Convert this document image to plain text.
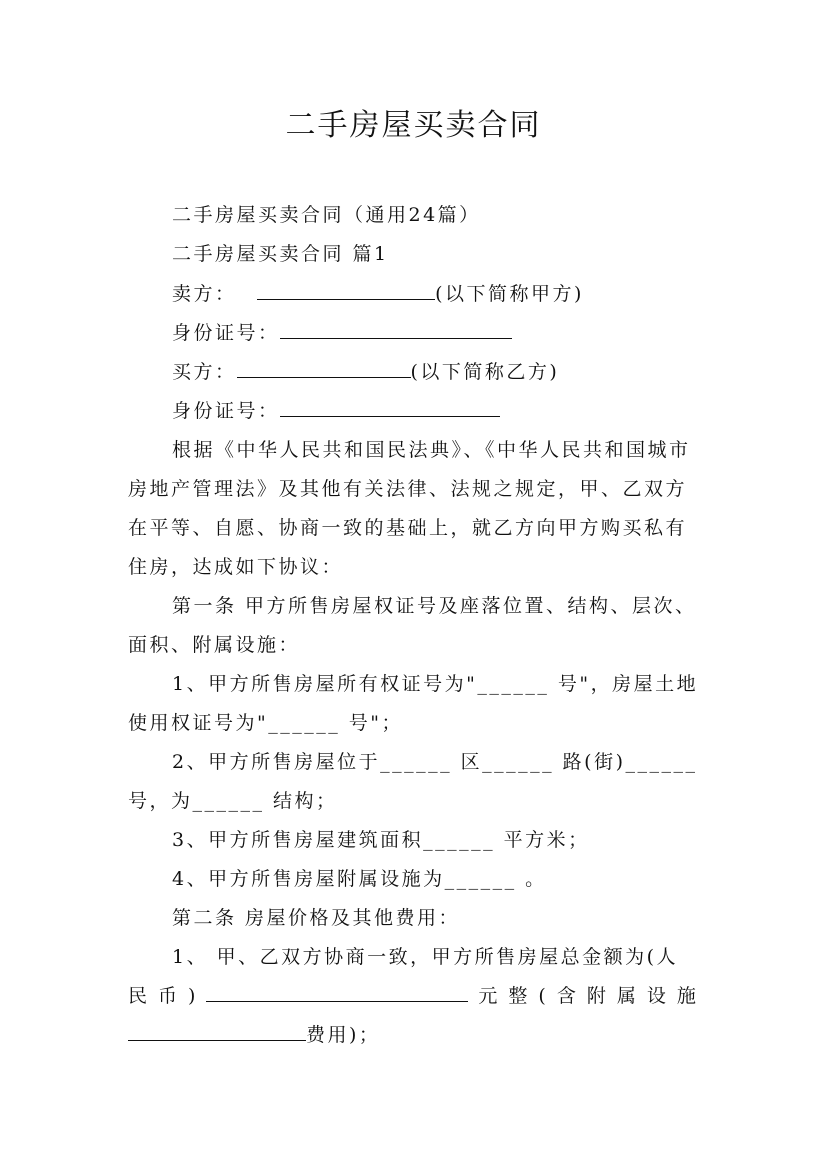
二手房屋买卖合同
二手房屋买卖合同（通用24篇）
二手房屋买卖合同 篇1
卖方：	(以下简称甲方)
身份证号：
买方：	(以下简称乙方)
身份证号：
根据《中华人民共和国民法典》、《中华人民共和国城市
房地产管理法》及其他有关法律、法规之规定，甲、乙双方
在平等、自愿、协商一致的基础上，就乙方向甲方购买私有
住房，达成如下协议：
第一条 甲方所售房屋权证号及座落位置、结构、层次、
面积、附属设施：
1、甲方所售房屋所有权证号为"______ 号"，房屋土地
使用权证号为"______ 号"；
2、甲方所售房屋位于______ 区______ 路(街)______
号，为______ 结构；
3、甲方所售房屋建筑面积______ 平方米；
4、甲方所售房屋附属设施为______ 。
第二条 房屋价格及其他费用：
1、 甲、乙双方协商一致，甲方所售房屋总金额为(人
民币)	元整(含附属设施
费用)；
